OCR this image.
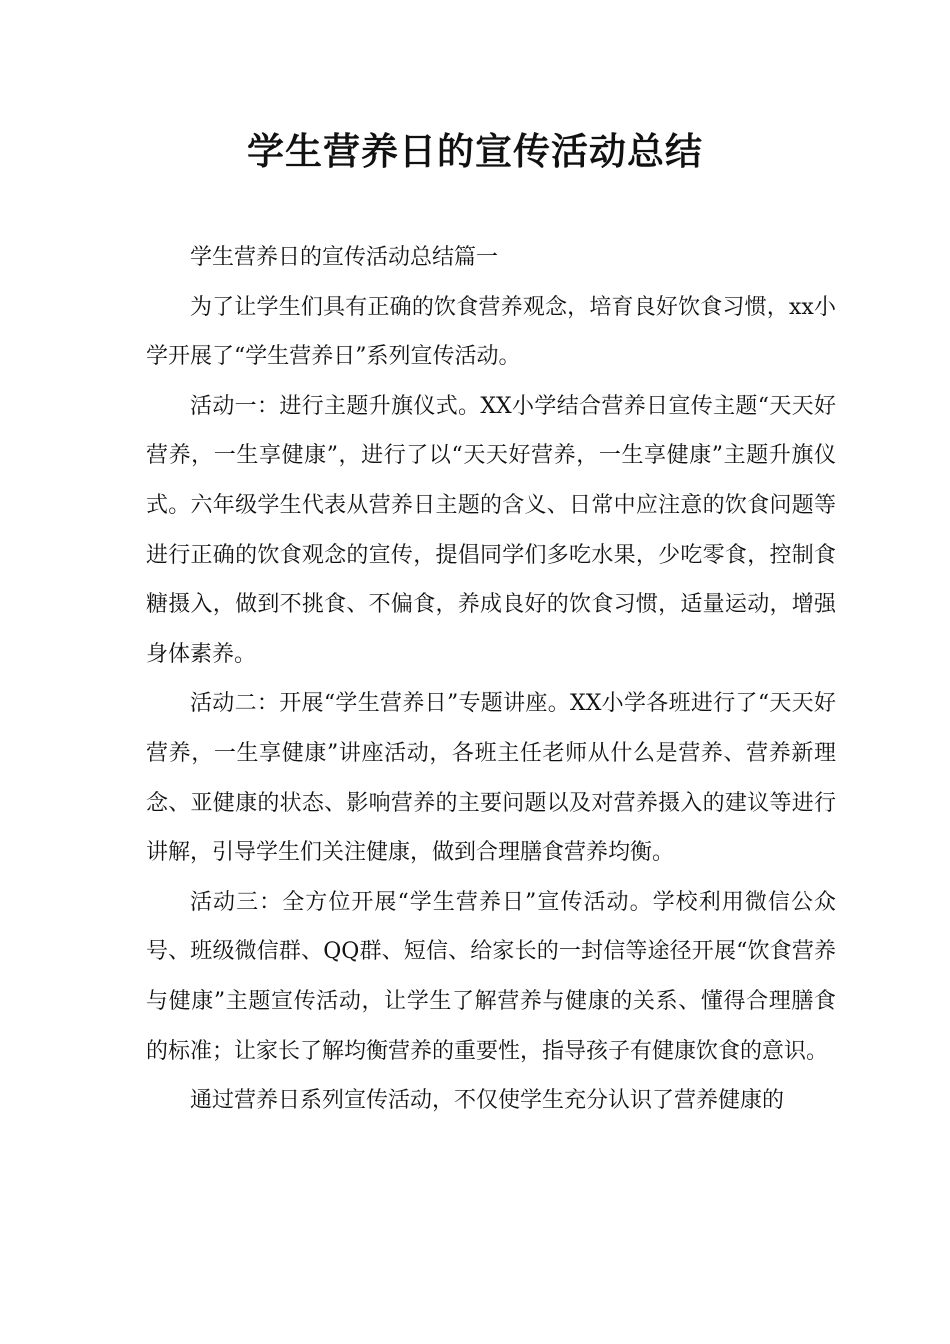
学生营养日的宣传活动总结

学生营养日的宣传活动总结篇一

为了让学生们具有正确的饮食营养观念，培育良好饮食习惯，xx小学开展了“学生营养日”系列宣传活动。

活动一：进行主题升旗仪式。XX小学结合营养日宣传主题“天天好营养，一生享健康”，进行了以“天天好营养，一生享健康”主题升旗仪式。六年级学生代表从营养日主题的含义、日常中应注意的饮食问题等进行正确的饮食观念的宣传，提倡同学们多吃水果，少吃零食，控制食糖摄入，做到不挑食、不偏食，养成良好的饮食习惯，适量运动，增强身体素养。

活动二：开展“学生营养日”专题讲座。XX小学各班进行了“天天好营养，一生享健康”讲座活动，各班主任老师从什么是营养、营养新理念、亚健康的状态、影响营养的主要问题以及对营养摄入的建议等进行讲解，引导学生们关注健康，做到合理膳食营养均衡。

活动三：全方位开展“学生营养日”宣传活动。学校利用微信公众号、班级微信群、QQ群、短信、给家长的一封信等途径开展“饮食营养与健康”主题宣传活动，让学生了解营养与健康的关系、懂得合理膳食的标准；让家长了解均衡营养的重要性，指导孩子有健康饮食的意识。

通过营养日系列宣传活动，不仅使学生充分认识了营养健康的
